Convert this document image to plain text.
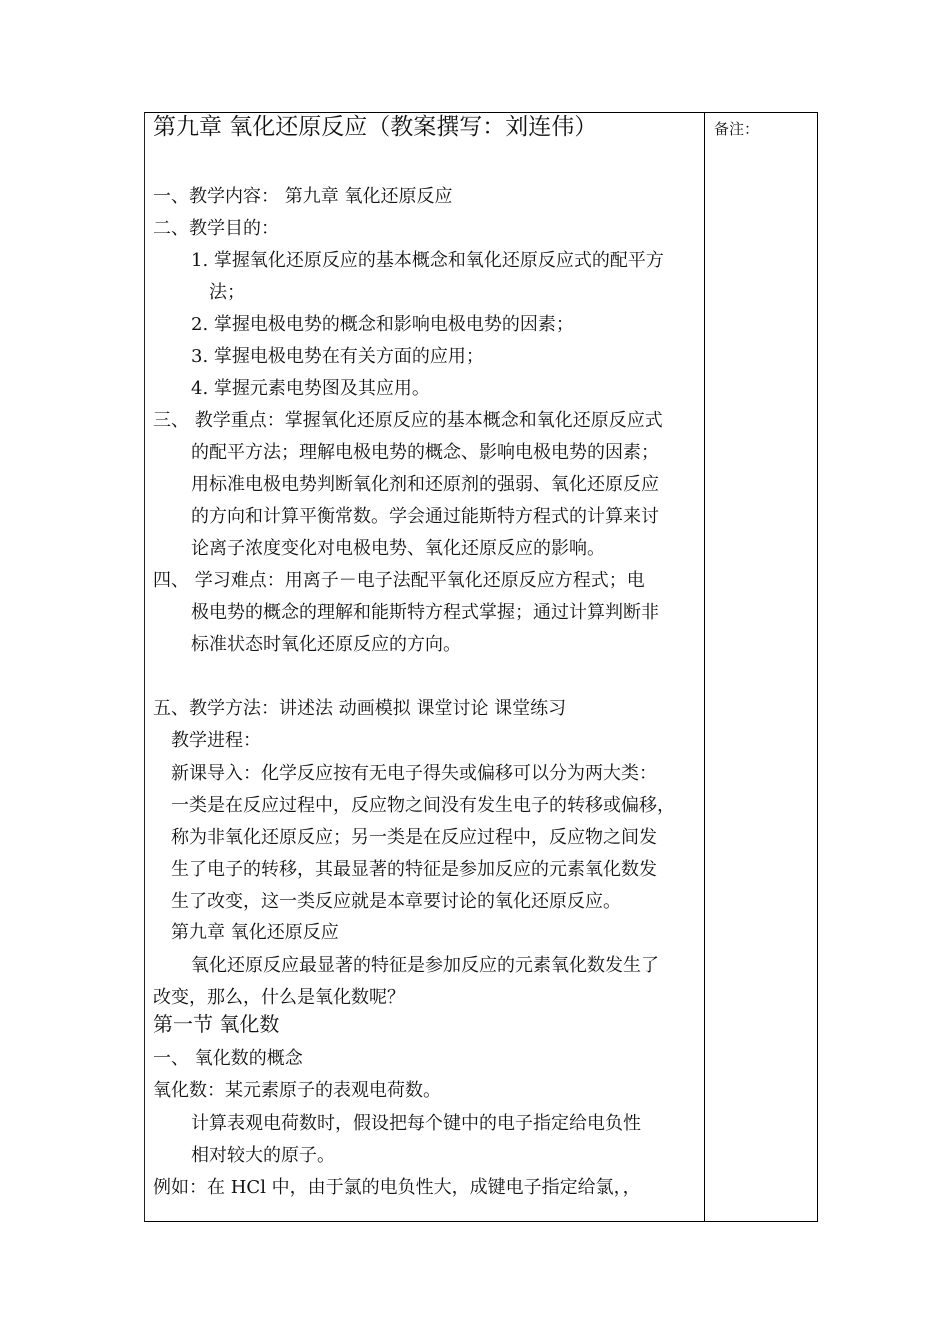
备注：
第九章 氧化还原反应（教案撰写：刘连伟）
一、教学内容： 第九章 氧化还原反应
二、教学目的：
1. 掌握氧化还原反应的基本概念和氧化还原反应式的配平方
法；
2. 掌握电极电势的概念和影响电极电势的因素；
3. 掌握电极电势在有关方面的应用；
4. 掌握元素电势图及其应用。
三、 教学重点：掌握氧化还原反应的基本概念和氧化还原反应式
的配平方法；理解电极电势的概念、影响电极电势的因素；
用标准电极电势判断氧化剂和还原剂的强弱、氧化还原反应
的方向和计算平衡常数。学会通过能斯特方程式的计算来讨
论离子浓度变化对电极电势、氧化还原反应的影响。
四、 学习难点：用离子－电子法配平氧化还原反应方程式；电
极电势的概念的理解和能斯特方程式掌握；通过计算判断非
标准状态时氧化还原反应的方向。
五、教学方法：讲述法 动画模拟 课堂讨论 课堂练习
教学进程：
新课导入：化学反应按有无电子得失或偏移可以分为两大类：
一类是在反应过程中，反应物之间没有发生电子的转移或偏移，
称为非氧化还原反应；另一类是在反应过程中，反应物之间发
生了电子的转移，其最显著的特征是参加反应的元素氧化数发
生了改变，这一类反应就是本章要讨论的氧化还原反应。
第九章 氧化还原反应
氧化还原反应最显著的特征是参加反应的元素氧化数发生了
改变，那么，什么是氧化数呢？
第一节 氧化数
一、 氧化数的概念
氧化数：某元素原子的表观电荷数。
计算表观电荷数时，假设把每个键中的电子指定给电负性
相对较大的原子。
例如：在 HCl 中，由于氯的电负性大，成键电子指定给氯，，
